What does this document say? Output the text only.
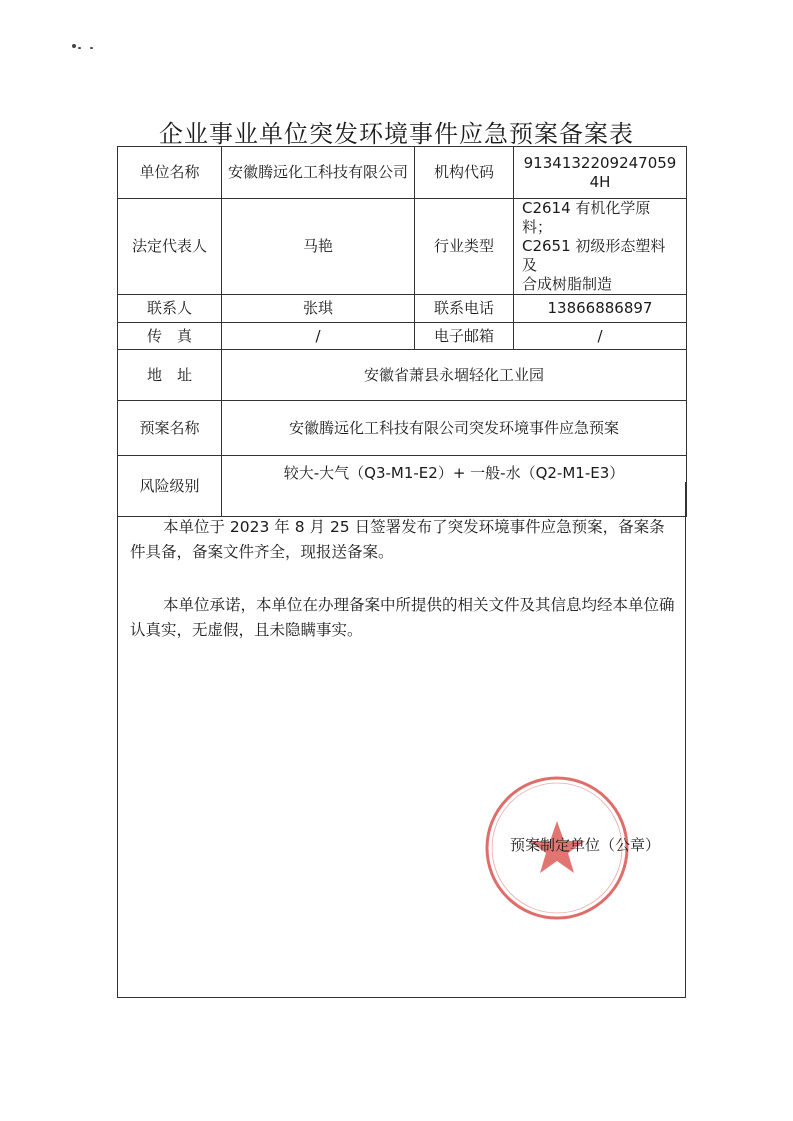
企业事业单位突发环境事件应急预案备案表
单位名称	安徽腾远化工科技有限公司	机构代码	9134132209247059​4H
法定代表人	马艳	行业类型	C2614 有机化学原料；
C2651 初级形态塑料及
合成树脂制造

联系人	张琪	联系电话	13866886897
传　真	/	电子邮箱	/
地　址	安徽省萧县永堌轻化工业园		
预案名称	安徽腾远化工科技有限公司突发环境事件应急预案		
风险级别	较大-大气（Q3-M1-E2）+ 一般-水（Q2-M1-E3）		

本单位于 2023 年 8 月 25 日签署发布了突发环境事件应急预案，备案条件具备，备案文件齐全，现报送备案。

本单位承诺，本单位在办理备案中所提供的相关文件及其信息均经本单位确认真实，无虚假，且未隐瞒事实。

预案制定单位（公章）
